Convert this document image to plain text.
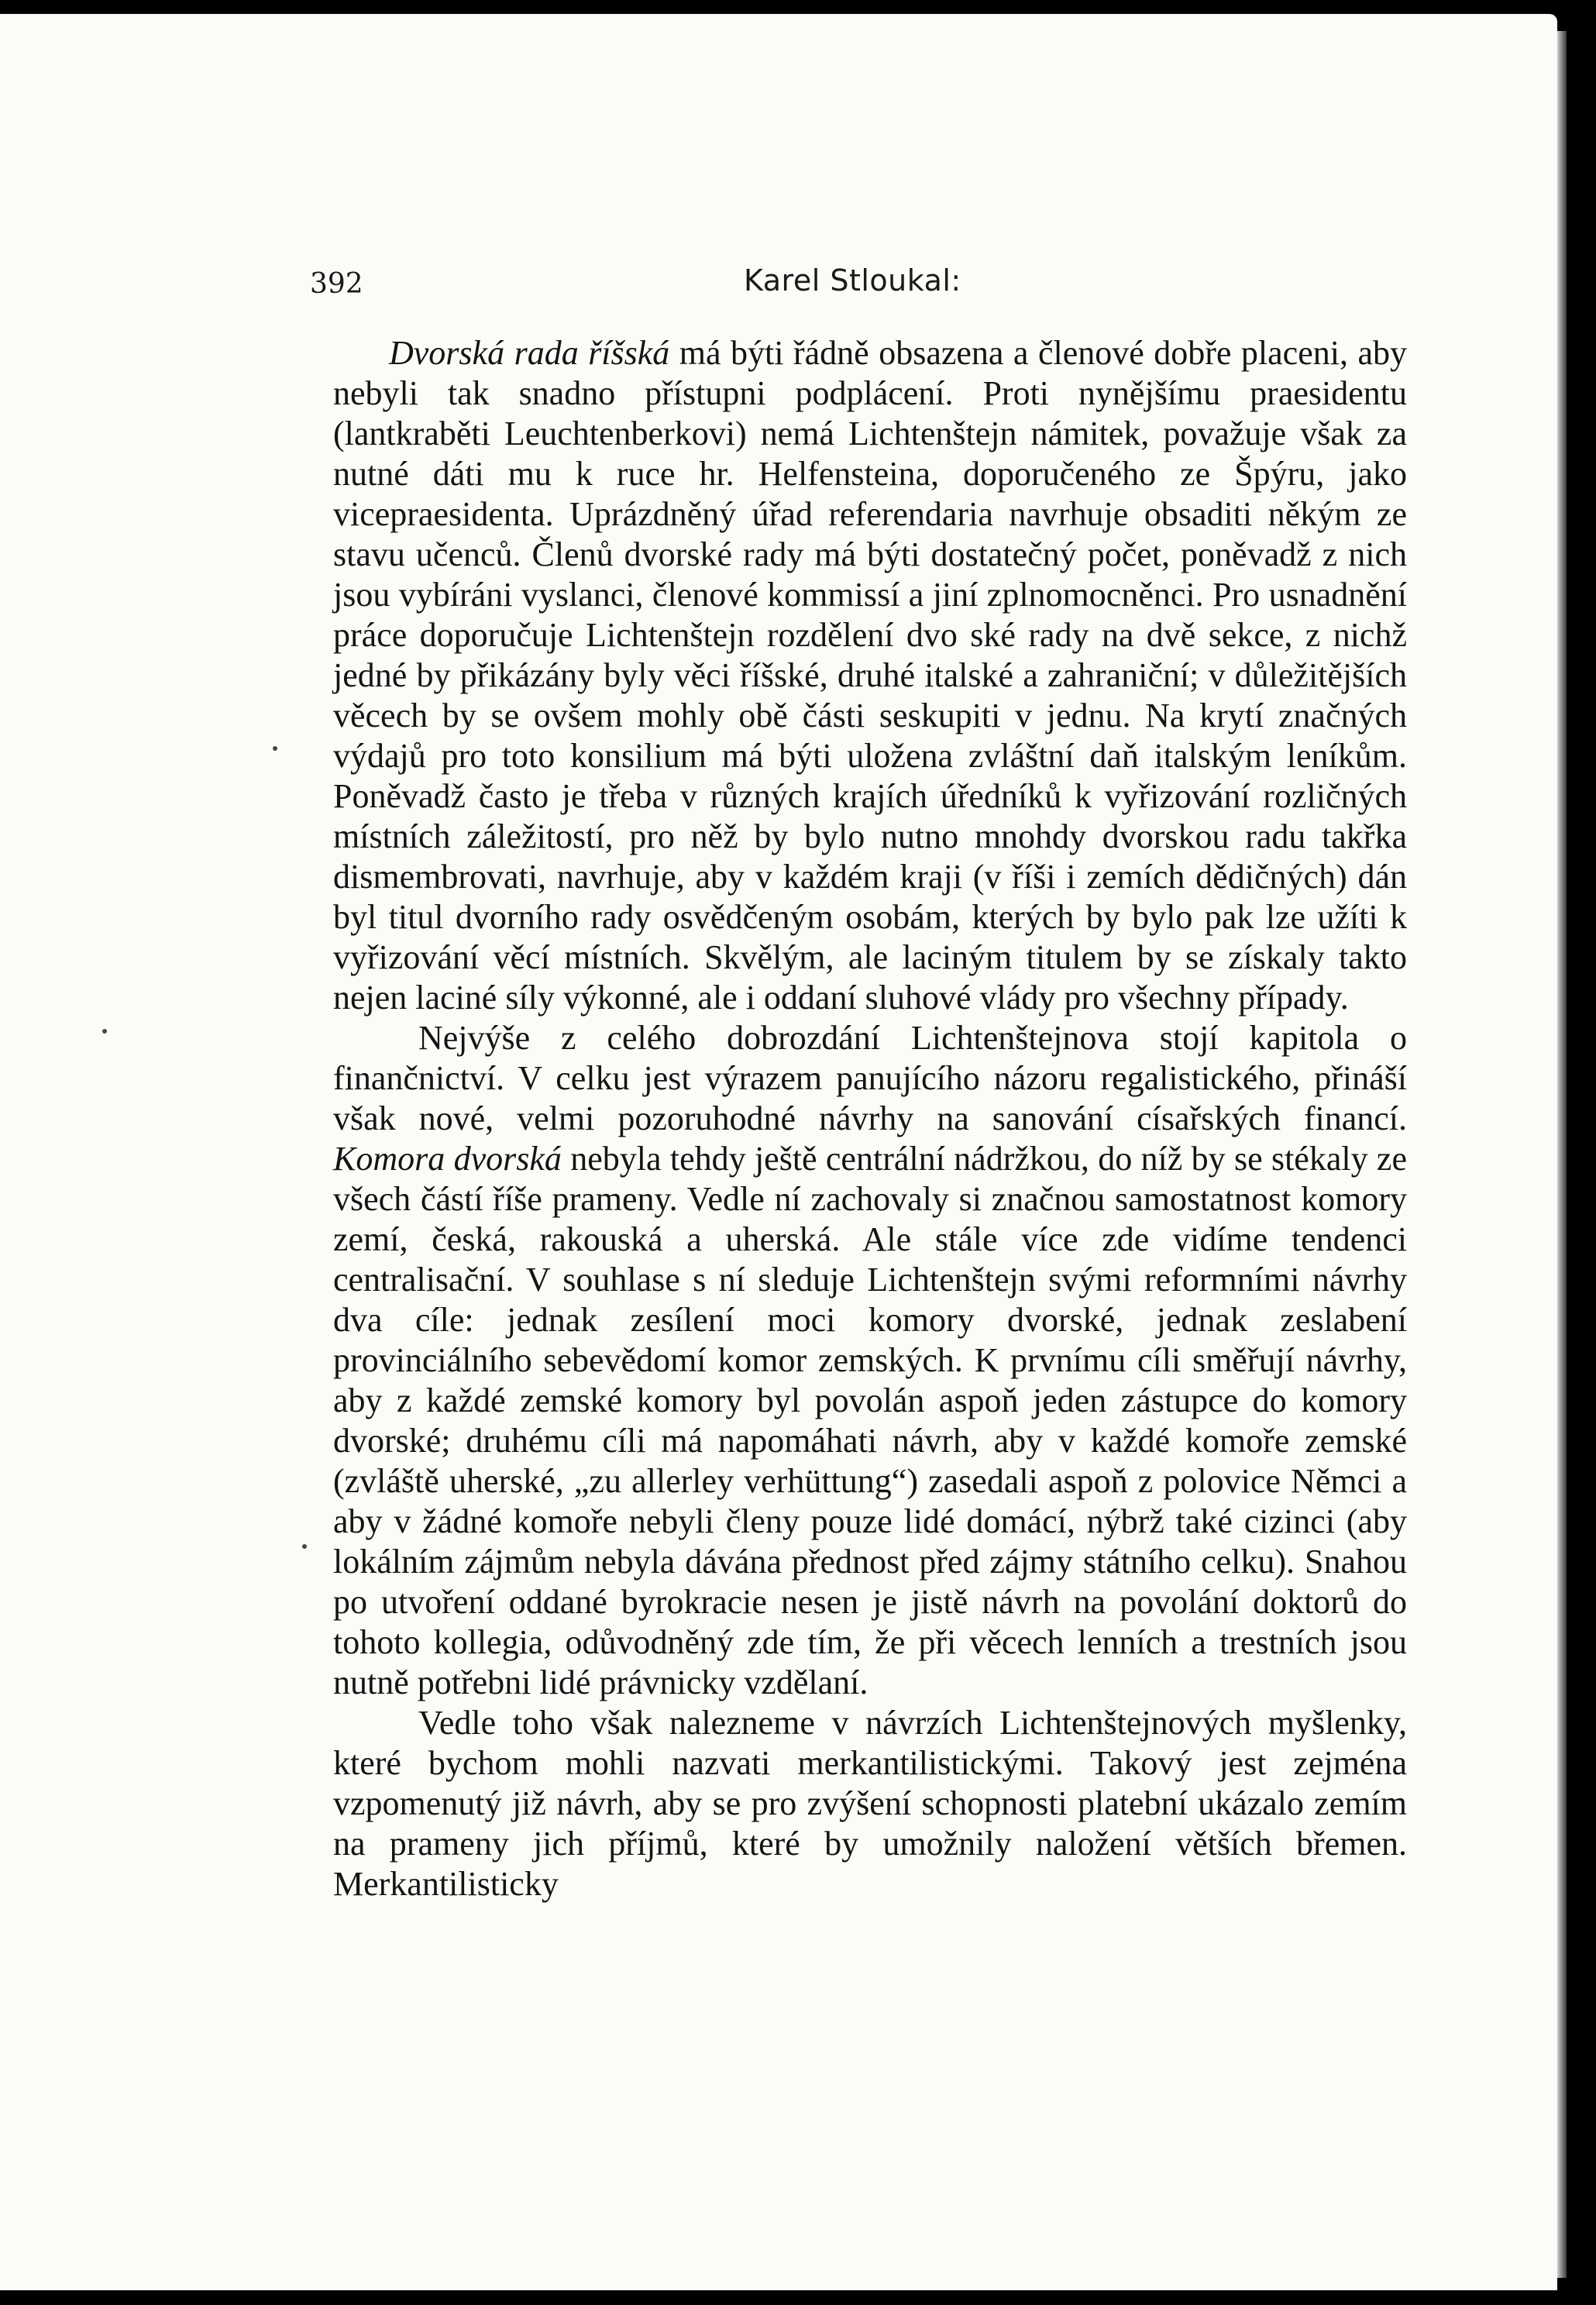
392	Karel Stloukal:

Dvorská rada říšská má býti řádně obsazena a členové dobře placeni, aby nebyli tak snadno přístupni podplácení. Proti nynějšímu praesidentu (lantkraběti Leuchtenberkovi) nemá Lichtenštejn námitek, považuje však za nutné dáti mu k ruce hr. Helfensteina, doporučeného ze Špýru, jako vicepraesidenta. Uprázdněný úřad referendaria navrhuje obsaditi někým ze stavu učenců. Členů dvorské rady má býti dostatečný počet, poněvadž z nich jsou vybíráni vyslanci, členové kommissí a jiní zplnomocněnci. Pro usnadnění práce doporučuje Lichtenštejn rozdělení dvo ské rady na dvě sekce, z nichž jedné by přikázány byly věci říšské, druhé italské a zahraniční; v důležitějších věcech by se ovšem mohly obě části seskupiti v jednu. Na krytí značných výdajů pro toto konsilium má býti uložena zvláštní daň italským leníkům. Poněvadž často je třeba v různých krajích úředníků k vyřizování rozličných místních záležitostí, pro něž by bylo nutno mnohdy dvorskou radu takřka dismembrovati, navrhuje, aby v každém kraji (v říši i zemích dědičných) dán byl titul dvorního rady osvědčeným osobám, kterých by bylo pak lze užíti k vyřizování věcí místních. Skvělým, ale laciným titulem by se získaly takto nejen laciné síly výkonné, ale i oddaní sluhové vlády pro všechny případy.

Nejvýše z celého dobrozdání Lichtenštejnova stojí kapitola o finančnictví. V celku jest výrazem panujícího názoru regalistického, přináší však nové, velmi pozoruhodné návrhy na sanování císařských financí. Komora dvorská nebyla tehdy ještě centrální nádržkou, do níž by se stékaly ze všech částí říše prameny. Vedle ní zachovaly si značnou samostatnost komory zemí, česká, rakouská a uherská. Ale stále více zde vidíme tendenci centralisační. V souhlase s ní sleduje Lichtenštejn svými reformními návrhy dva cíle: jednak zesílení moci komory dvorské, jednak zeslabení provinciálního sebevědomí komor zemských. K prvnímu cíli směřují návrhy, aby z každé zemské komory byl povolán aspoň jeden zástupce do komory dvorské; druhému cíli má napomáhati návrh, aby v každé komoře zemské (zvláště uherské, „zu allerley verhüttung“) zasedali aspoň z polovice Němci a aby v žádné komoře nebyli členy pouze lidé domácí, nýbrž také cizinci (aby lokálním zájmům nebyla dávána přednost před zájmy státního celku). Snahou po utvoření oddané byrokracie nesen je jistě návrh na povolání doktorů do tohoto kollegia, odůvodněný zde tím, že při věcech lenních a trestních jsou nutně potřebni lidé právnicky vzdělaní.

Vedle toho však nalezneme v návrzích Lichtenštejnových myšlenky, které bychom mohli nazvati merkantilistickými. Takový jest zejména vzpomenutý již návrh, aby se pro zvýšení schopnosti platební ukázalo zemím na prameny jich příjmů, které by umožnily naložení větších břemen. Merkantilisticky
